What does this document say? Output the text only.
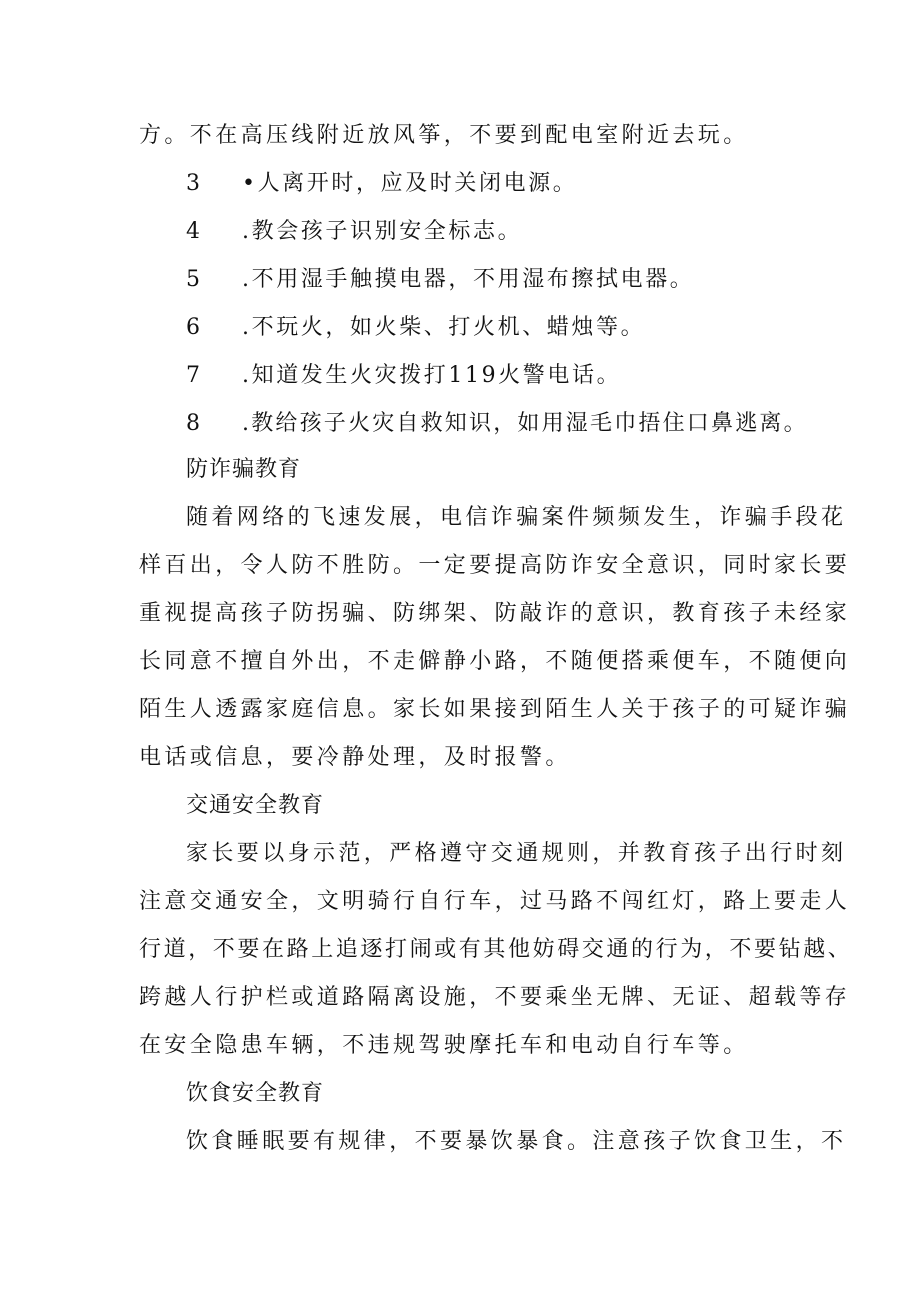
方。不在高压线附近放风筝，不要到配电室附近去玩。
3	•人离开时，应及时关闭电源。
4	.教会孩子识别安全标志。
5	.不用湿手触摸电器，不用湿布擦拭电器。
6	.不玩火，如火柴、打火机、蜡烛等。
7	.知道发生火灾拨打119火警电话。
8	.教给孩子火灾自救知识，如用湿毛巾捂住口鼻逃离。
防诈骗教育
随着网络的飞速发展，电信诈骗案件频频发生，诈骗手段花
样百出，令人防不胜防。一定要提高防诈安全意识，同时家长要
重视提高孩子防拐骗、防绑架、防敲诈的意识，教育孩子未经家
长同意不擅自外出，不走僻静小路，不随便搭乘便车，不随便向
陌生人透露家庭信息。家长如果接到陌生人关于孩子的可疑诈骗
电话或信息，要冷静处理，及时报警。
交通安全教育
家长要以身示范，严格遵守交通规则，并教育孩子出行时刻
注意交通安全，文明骑行自行车，过马路不闯红灯，路上要走人
行道，不要在路上追逐打闹或有其他妨碍交通的行为，不要钻越、
跨越人行护栏或道路隔离设施，不要乘坐无牌、无证、超载等存
在安全隐患车辆，不违规驾驶摩托车和电动自行车等。
饮食安全教育
饮食睡眠要有规律，不要暴饮暴食。注意孩子饮食卫生，不
